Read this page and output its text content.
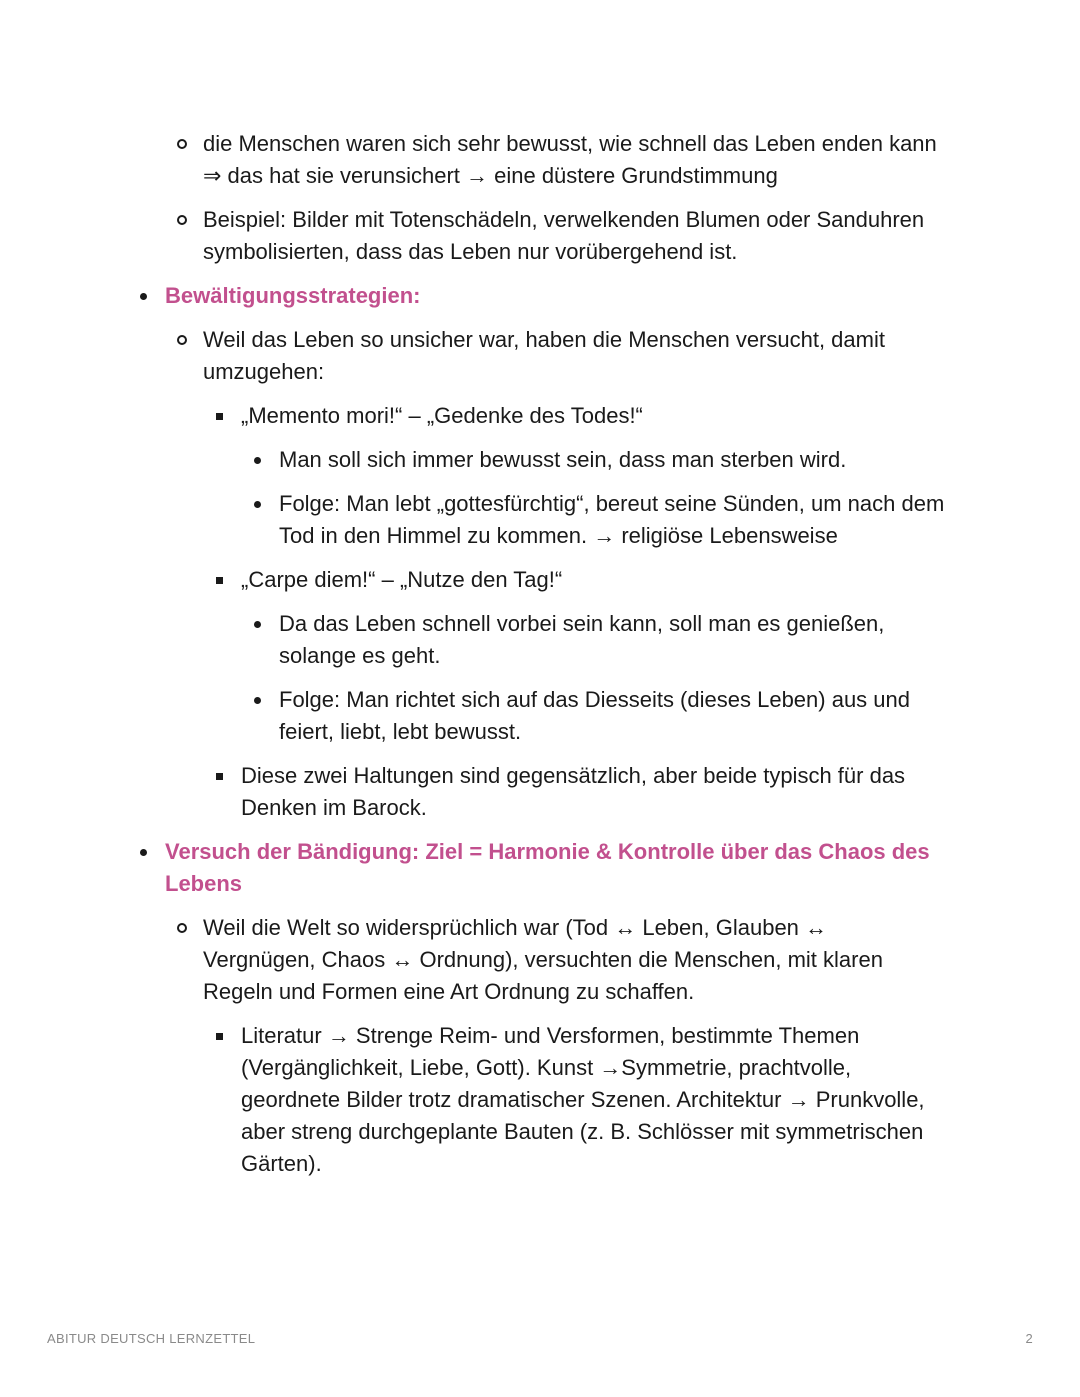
die Menschen waren sich sehr bewusst, wie schnell das Leben enden kann ⇒ das hat sie verunsichert → eine düstere Grundstimmung
Beispiel: Bilder mit Totenschädeln, verwelkenden Blumen oder Sanduhren symbolisierten, dass das Leben nur vorübergehend ist.
Bewältigungsstrategien:
Weil das Leben so unsicher war, haben die Menschen versucht, damit umzugehen:
„Memento mori!“ – „Gedenke des Todes!“
Man soll sich immer bewusst sein, dass man sterben wird.
Folge: Man lebt „gottesfürchtig“, bereut seine Sünden, um nach dem Tod in den Himmel zu kommen. → religiöse Lebensweise
„Carpe diem!“ – „Nutze den Tag!“
Da das Leben schnell vorbei sein kann, soll man es genießen, solange es geht.
Folge: Man richtet sich auf das Diesseits (dieses Leben) aus und feiert, liebt, lebt bewusst.
Diese zwei Haltungen sind gegensätzlich, aber beide typisch für das Denken im Barock.
Versuch der Bändigung: Ziel = Harmonie & Kontrolle über das Chaos des Lebens
Weil die Welt so widersprüchlich war (Tod ↔ Leben, Glauben ↔ Vergnügen, Chaos ↔ Ordnung), versuchten die Menschen, mit klaren Regeln und Formen eine Art Ordnung zu schaffen.
Literatur → Strenge Reim- und Versformen, bestimmte Themen (Vergänglichkeit, Liebe, Gott). Kunst →Symmetrie, prachtvolle, geordnete Bilder trotz dramatischer Szenen. Architektur → Prunkvolle, aber streng durchgeplante Bauten (z. B. Schlösser mit symmetrischen Gärten).
ABITUR DEUTSCH LERNZETTEL	2
